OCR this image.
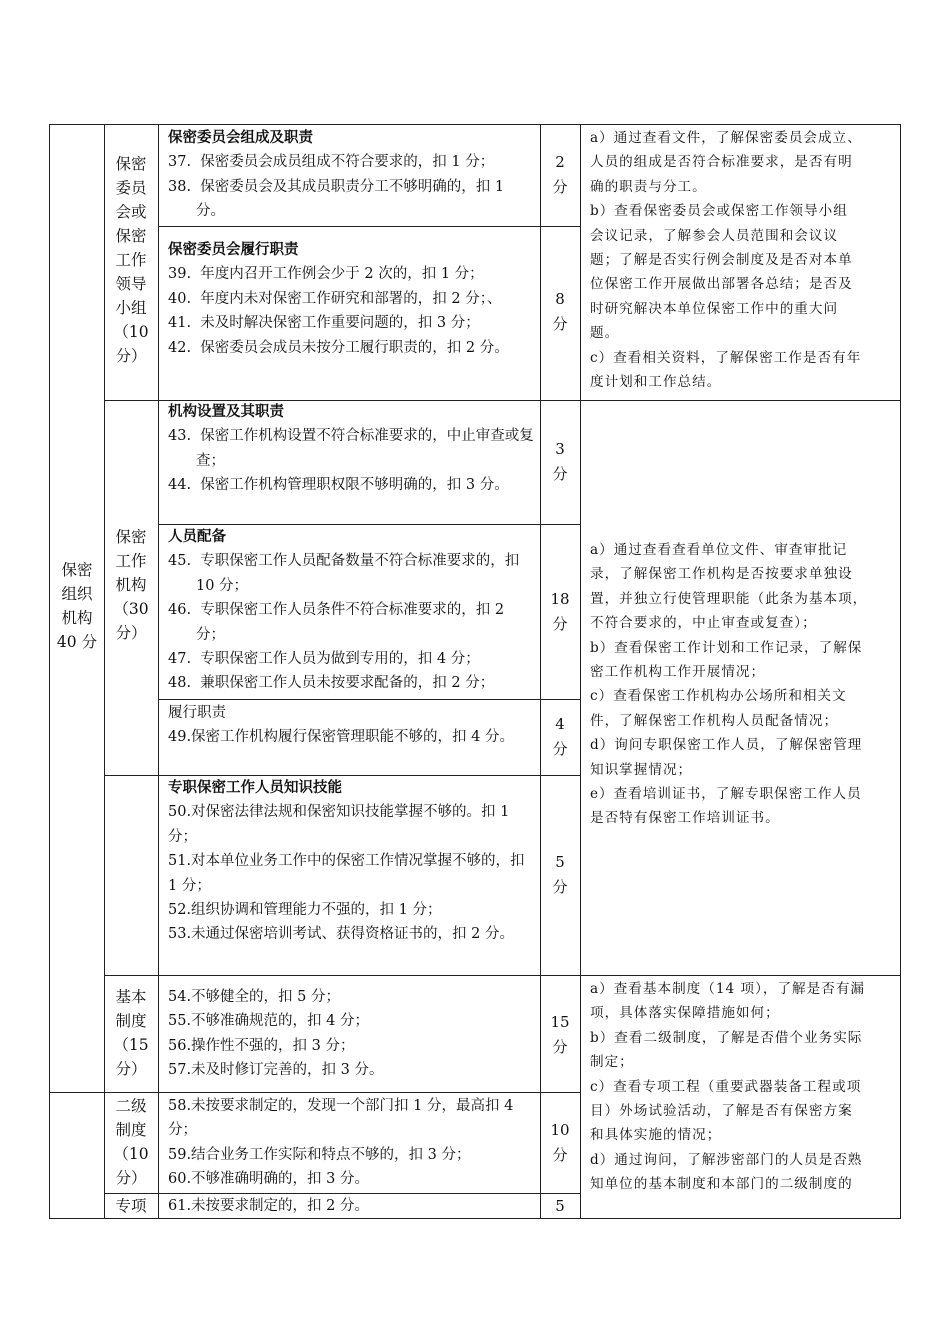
保密
组织
机构
40 分
保密
委员
会或
保密
工作
领导
小组
（10
分）
保密委员会组成及职责
37.  保密委员会成员组成不符合要求的，扣 1 分；
38.  保密委员会及其成员职责分工不够明确的，扣 1 分。
2
分
保密委员会履行职责
39.  年度内召开工作例会少于 2 次的，扣 1 分；
40.  年度内未对保密工作研究和部署的，扣 2 分；、
41.  未及时解决保密工作重要问题的，扣 3 分；
42.  保密委员会成员未按分工履行职责的，扣 2 分。
8
分
保密
工作
机构
（30
分）
机构设置及其职责
43.  保密工作机构设置不符合标准要求的，中止审查或复查；
44.  保密工作机构管理职权限不够明确的，扣 3 分。
3
分
人员配备
45.  专职保密工作人员配备数量不符合标准要求的，扣 10 分；
46.  专职保密工作人员条件不符合标准要求的，扣 2 分；
47.  专职保密工作人员为做到专用的，扣 4 分；
48.  兼职保密工作人员未按要求配备的，扣 2 分；
18
分
履行职责
49.保密工作机构履行保密管理职能不够的，扣 4 分。
4
分
专职保密工作人员知识技能
50.对保密法律法规和保密知识技能掌握不够的。扣 1 分；
51.对本单位业务工作中的保密工作情况掌握不够的，扣 1 分；
52.组织协调和管理能力不强的，扣 1 分；
53.未通过保密培训考试、获得资格证书的，扣 2 分。
5
分
基本
制度
（15
分）
54.不够健全的，扣 5 分；
55.不够准确规范的，扣 4 分；
56.操作性不强的，扣 3 分；
57.未及时修订完善的，扣 3 分。
15
分
二级
制度
（10
分）
58.未按要求制定的，发现一个部门扣 1 分，最高扣 4 分；
59.结合业务工作实际和特点不够的，扣 3 分；
60.不够准确明确的，扣 3 分。
10
分
专项	61.未按要求制定的，扣 2 分。	5
a）通过查看文件，了解保密委员会成立、
人员的组成是否符合标准要求，是否有明
确的职责与分工。
b）查看保密委员会或保密工作领导小组
会议记录，了解参会人员范围和会议议
题；了解是否实行例会制度及是否对本单
位保密工作开展做出部署各总结；是否及
时研究解决本单位保密工作中的重大问
题。
c）查看相关资料，了解保密工作是否有年
度计划和工作总结。
a）通过查看查看单位文件、审查审批记
录，了解保密工作机构是否按要求单独设
置，并独立行使管理职能（此条为基本项，
不符合要求的，中止审查或复查）；
b）查看保密工作计划和工作记录，了解保
密工作机构工作开展情况；
c）查看保密工作机构办公场所和相关文
件，了解保密工作机构人员配备情况；
d）询问专职保密工作人员，了解保密管理
知识掌握情况；
e）查看培训证书，了解专职保密工作人员
是否特有保密工作培训证书。
a）查看基本制度（14 项），了解是否有漏
项，具体落实保障措施如何；
b）查看二级制度，了解是否借个业务实际
制定；
c）查看专项工程（重要武器装备工程或项
目）外场试验活动，了解是否有保密方案
和具体实施的情况；
d）通过询问，了解涉密部门的人员是否熟
知单位的基本制度和本部门的二级制度的
